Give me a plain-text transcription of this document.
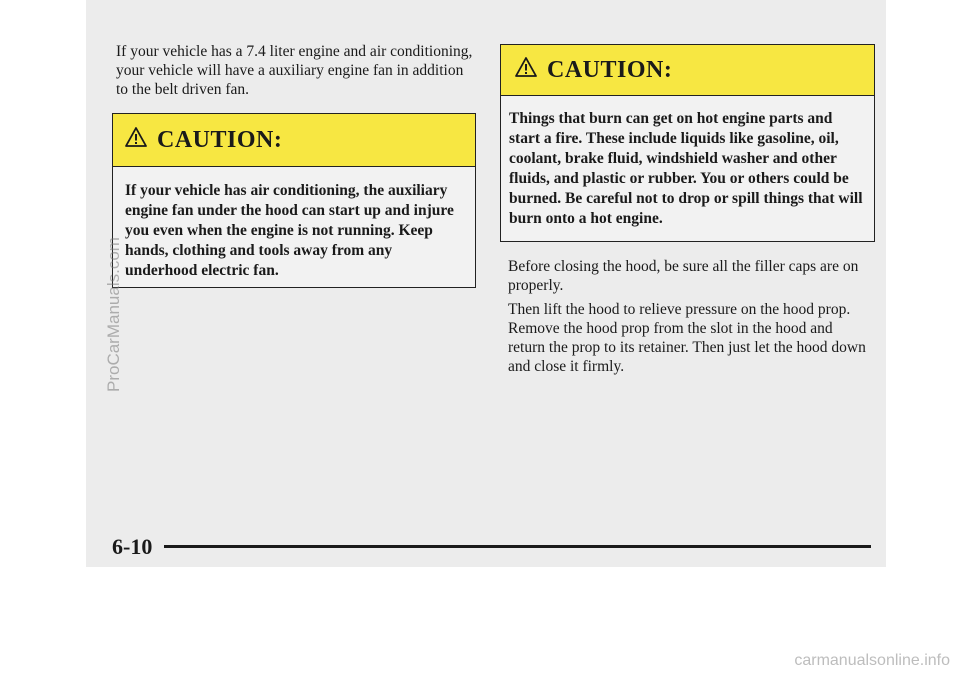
If your vehicle has a 7.4 liter engine and air conditioning, your vehicle will have a auxiliary engine fan in addition to the belt driven fan.

CAUTION:

If your vehicle has air conditioning, the auxiliary engine fan under the hood can start up and injure you even when the engine is not running. Keep hands, clothing and tools away from any underhood electric fan.

CAUTION:

Things that burn can get on hot engine parts and start a fire. These include liquids like gasoline, oil, coolant, brake fluid, windshield washer and other fluids, and plastic or rubber. You or others could be burned. Be careful not to drop or spill things that will burn onto a hot engine.

Before closing the hood, be sure all the filler caps are on properly.

Then lift the hood to relieve pressure on the hood prop. Remove the hood prop from the slot in the hood and return the prop to its retainer. Then just let the hood down and close it firmly.

6-10
ProCarManuals.com
carmanualsonline.info
